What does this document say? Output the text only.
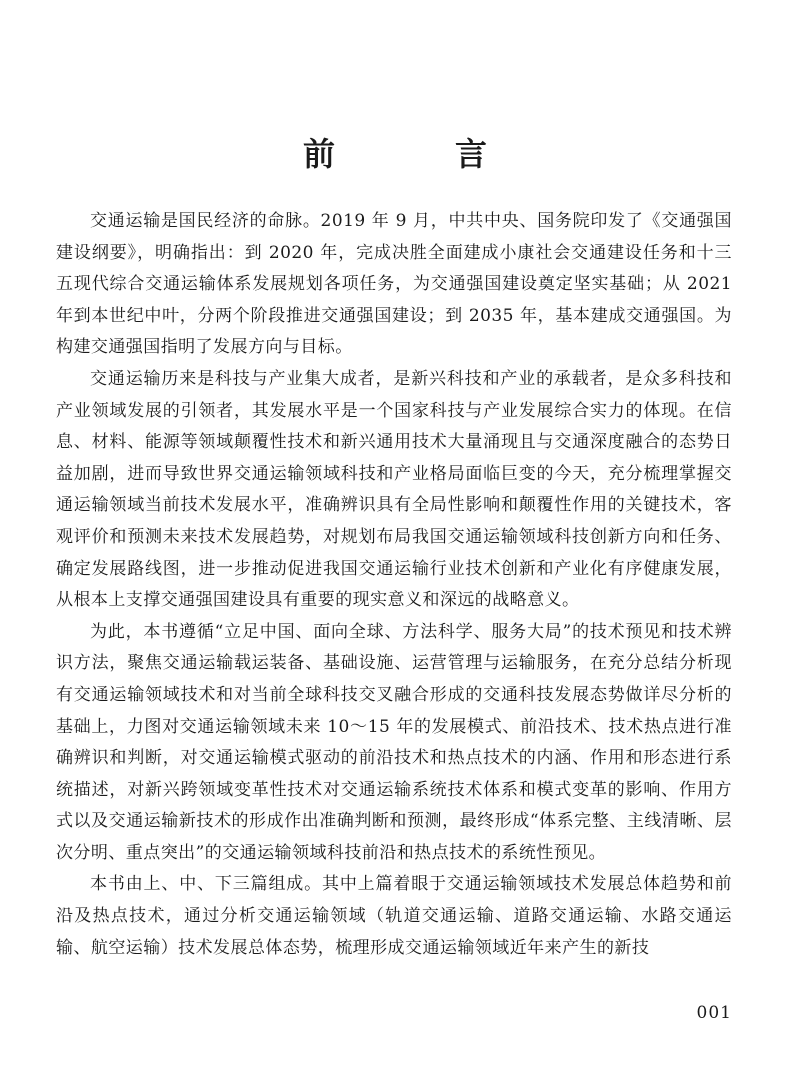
前　言

交通运输是国民经济的命脉。2019 年 9 月，中共中央、国务院印发了《交通强国建设纲要》，明确指出：到 2020 年，完成决胜全面建成小康社会交通建设任务和十三五现代综合交通运输体系发展规划各项任务，为交通强国建设奠定坚实基础；从 2021 年到本世纪中叶，分两个阶段推进交通强国建设；到 2035 年，基本建成交通强国。为构建交通强国指明了发展方向与目标。

交通运输历来是科技与产业集大成者，是新兴科技和产业的承载者，是众多科技和产业领域发展的引领者，其发展水平是一个国家科技与产业发展综合实力的体现。在信息、材料、能源等领域颠覆性技术和新兴通用技术大量涌现且与交通深度融合的态势日益加剧，进而导致世界交通运输领域科技和产业格局面临巨变的今天，充分梳理掌握交通运输领域当前技术发展水平，准确辨识具有全局性影响和颠覆性作用的关键技术，客观评价和预测未来技术发展趋势，对规划布局我国交通运输领域科技创新方向和任务、确定发展路线图，进一步推动促进我国交通运输行业技术创新和产业化有序健康发展，从根本上支撑交通强国建设具有重要的现实意义和深远的战略意义。

为此，本书遵循“立足中国、面向全球、方法科学、服务大局”的技术预见和技术辨识方法，聚焦交通运输载运装备、基础设施、运营管理与运输服务，在充分总结分析现有交通运输领域技术和对当前全球科技交叉融合形成的交通科技发展态势做详尽分析的基础上，力图对交通运输领域未来 10～15 年的发展模式、前沿技术、技术热点进行准确辨识和判断，对交通运输模式驱动的前沿技术和热点技术的内涵、作用和形态进行系统描述，对新兴跨领域变革性技术对交通运输系统技术体系和模式变革的影响、作用方式以及交通运输新技术的形成作出准确判断和预测，最终形成“体系完整、主线清晰、层次分明、重点突出”的交通运输领域科技前沿和热点技术的系统性预见。

本书由上、中、下三篇组成。其中上篇着眼于交通运输领域技术发展总体趋势和前沿及热点技术，通过分析交通运输领域（轨道交通运输、道路交通运输、水路交通运输、航空运输）技术发展总体态势，梳理形成交通运输领域近年来产生的新技

001
